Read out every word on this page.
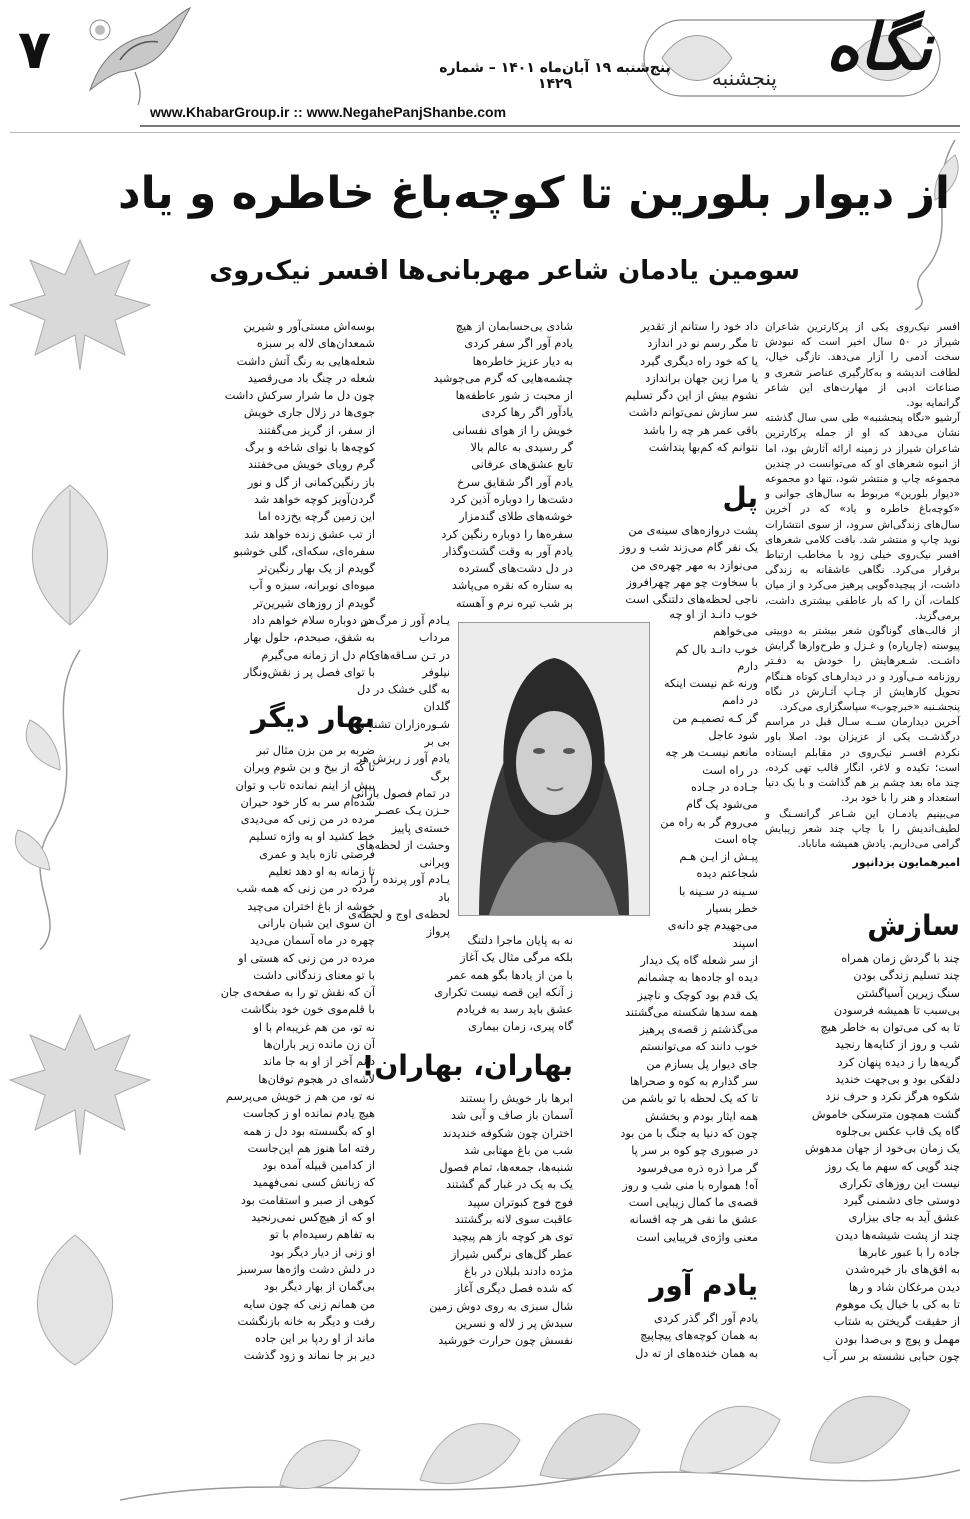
۷	نگاه
پنجشنبه
پنج‌شنبه ۱۹ آبان‌ماه ۱۴۰۱ – شماره ۱۴۲۹
www.KhabarGroup.ir :: www.NegahePanjShanbe.com
از دیوار بلورین تا کوچه‌باغ خاطره و یاد
سومین یادمان شاعر مهربانی‌ها افسر نیک‌روی

افسر نیک‌روی یکی از پرکارترین شاعران شیراز در ۵۰ سال اخیر است که نبودش سخت آدمی را آزار می‌دهد. تازگی خیال، لطافت اندیشه و به‌کارگیری عناصر شعری و صناعات ادبی از مهارت‌های این شاعر گرانمایه بود.

آرشیو «نگاه پنجشنبه» طی سی سال گذشته نشان می‌دهد که او از جمله پرکارترین شاعران شیراز در زمینه ارائه آثارش بود، اما از انبوه شعرهای او که می‌توانست در چندین مجموعه چاپ و منتشر شود، تنها دو مجموعه «دیوار بلورین» مربوط به سال‌های جوانی و «کوچه‌باغ خاطره و یاد» که در آخرین سال‌های زندگی‌اش سرود، از سوی انتشارات نوید چاپ و منتشر شد. بافت کلامی شعرهای افسر نیک‌روی خیلی زود با مخاطب ارتباط برقرار می‌کرد. نگاهی عاشقانه به زندگی داشت، از پیچیده‌گویی پرهیز می‌کرد و از میان کلمات، آن را که بار عاطفی بیشتری داشت، برمی‌گزید.

از قالب‌های گوناگون شعر بیشتر به دوبیتی پیوسته (چارپاره) و غـزل و طرح‌وارها گرایش داشـت. شـعرهایش را خودش به دفـتر روزنامه مـی‌آورد و در دیدارهـای کوتاه هـنگام تحویل کارهایش از چـاپ آثـارش در نگاه پنجشـنبه «خبرچوب» سپاسگزاری می‌کرد.

آخرین دیدارمان ســه سـال قبل در مراسم درگذشـت یکی از عزیزان بود. اصلا باور نکردم افسـر نیک‌روی در مقابلم ایستاده است؛ تکیده و لاغر، انگار قالب تهی کرده، چند ماه بعد چشم بر هم گذاشت و با یک دنیا استعداد و هنر را با خود برد.

می‌بینیم یادمـان این شـاعر گرانسـنگ و لطیف‌اندیش را با چاپ چند شعر زیبایش گرامی می‌داریم. یادش همیشه ماناباد.

امیرهمایون یزدانپور
سازش
چند با گردش زمان همراه
چند تسلیم زندگی بودن
سنگ زیرین آسیاگشتن
بی‌سبب تا همیشه فرسودن
تا به کی می‌توان به خاطر هیچ
شب و روز از کنایه‌ها رنجید
گریه‌ها را ز دیده پنهان کرد
دلقکی بود و بی‌جهت خندید
شکوه هرگز نکرد و حرف نزد
گشت همچون مترسکی خاموش
گاه یک قاب عکس بی‌جلوه
یک زمان بی‌خود از جهان مدهوش
چند گویی که سهم ما یک روز
نیست این روزهای تکراری
دوستی جای دشمنی گیرد
عشق آید به جای بیزاری
چند از پشت شیشه‌ها دیدن
جاده را با عبور عابرها
به افق‌های باز خیره‌شدن
دیدن مرغکان شاد و رها
تا به کی با خیال یک موهوم
از حقیقت گریختن به شتاب
مهمل و پوچ و بی‌صدا بودن
چون حبابی نشسته بر سر آب
داد خود را ستانم از تقدیر
تا مگر رسم نو در اندازد
یا که خود راه دیگری گیرد
یا مرا زین جهان براندازد
نشوم بیش از این دگر تسلیم
سر سازش نمی‌توانم داشت
باقی عمر هر چه را باشد
نتوانم که کم‌بها پنداشت
پل
پشت دروازه‌های سینه‌ی من
یک نفر گام می‌زند شب و روز
می‌نوازد به مهر چهره‌ی من
با سخاوت چو مهر چهرافروز
ناجی لحظه‌های دلتنگی است
خوب دانـد از او چه
می‌خواهم
خوب دانـد بال کم
دارم
ورنه غم نیست اینکه
در دامم
گر کـه تصمیـم من
شود عاجل
مانعم نیسـت هر چه
در راه است
جـاده در جـاده
می‌شود یک گام
می‌روم گر به راه من
چاه است
پیـش از ایـن هـم
شجاعتم دیده
سـینه در سـینه با
خطر بسیار
می‌جهیدم چو دانه‌ی
اسپند
از سر شعله گاه یک دیدار
دیده او جاده‌ها به چشمانم
یک قدم بود کوچک و ناچیز
همه سدها شکسته می‌گشتند
می‌گذشتم ز قصه‌ی پرهیز
خوب دانند که می‌توانستم
جای دیوار پل بسازم من
سر گذارم به کوه و صحراها
تا که یک لحظه با تو باشم من
همه ایثار بودم و بخشش
چون که دنیا به جنگ با من بود
در صبوری چو کوه بر سر پا
گر مرا ذره ذره می‌فرسود
آه! همواره با منی شب و روز
قصه‌ی ما کمال زیبایی است
عشق ما نفی هر چه افسانه
معنی واژه‌ی فریبایی است
یادم آور
یادم آور اگر گذر کردی
به همان کوچه‌های پیچاپیچ
به همان خنده‌های از ته دل
شادی بی‌حسابمان از هیچ
یادم آور اگر سفر کردی
به دیار عزیز خاطره‌ها
چشمه‌هایی که گرم می‌جوشید
از محبت ز شور عاطفه‌ها
یادآور اگر رها کردی
خویش را از هوای نفسانی
گر رسیدی به عالم بالا
تابع عشق‌های عرفانی
یادم آور اگر شقایق سرخ
دشت‌ها را دوباره آذین کرد
خوشه‌های طلای گندمزار
سفره‌ها را دوباره رنگین کرد
یادم آور به وقت گشت‌وگذار
در دل دشت‌های گسترده
به ستاره که نقره می‌پاشد
بر شب تیره نرم و آهسته
یـادم آور ز مرگ در
مرداب
در تـن سـاقه‌های
نیلوفر
به گلی خشک در دل
گلدان
شـوره‌زاران تشنه و
بی بر
یادم آور ز ریزش هر
برگ
در تمام فصول بارانی
حـزن یـک عصـر
خسته‌ی پاییز
وحشت از لحظه‌های
ویرانی
یـادم آور پرنده را در
باد
لحظه‌ی اوج و لحظه‌ی
پرواز
نه به پایان ماجرا دلتنگ
بلکه مرگی مثال یک آغاز
با من از یادها بگو همه عمر
ز آنکه این قصه نیست تکراری
عشق باید رسد به فریادم
گاه پیری، زمان بیماری
بهاران، بهاران!
ابرها بار خویش را بستند
آسمان باز صاف و آبی شد
اختران چون شکوفه خندیدند
شب من باغ مهتابی شد
شنبه‌ها، جمعه‌ها، تمام فصول
یک به یک در غبار گم گشتند
فوج فوج کبوتران سپید
عاقبت سوی لانه برگشتند
توی هر کوچه باز هم پیچید
عطر گل‌های نرگس شیراز
مژده دادند بلبلان در باغ
که شده فصل دیگری آغاز
شال سبزی به روی دوش زمین
سبدش پر ز لاله و نسرین
نفسش چون حرارت خورشید
بوسه‌اش مستی‌آور و شیرین
شمعدان‌های لاله بر سبزه
شعله‌هایی به رنگ آتش داشت
شعله در چنگ باد می‌رقصید
چون دل ما شرار سرکش داشت
جوی‌ها در زلال جاری خویش
از سفر، از گریز می‌گفتند
کوچه‌ها با نوای شاخه و برگ
گرم رویای خویش می‌خفتند
باز رنگین‌کمانی از گل و نور
گردن‌آویز کوچه خواهد شد
این زمین گرچه یخ‌زده اما
از تب عشق زنده خواهد شد
سفره‌ای، سکه‌ای، گلی خوشبو
گویدم از یک بهار رنگین‌تر
میوه‌ای نوبرانه، سبزه و آب
گویدم از روزهای شیرین‌تر
من دوباره سلام خواهم داد
به شفق، صبحدم، حلول بهار
کام دل از زمانه می‌گیرم
با توای فصل پر ز نقش‌ونگار
بهار دیگر
ضربه بر من بزن مثال تبر
تا که از بیخ و بن شوم ویران
بیش از اینم نمانده تاب و توان
شده‌ام سر به کار خود حیران
مرده در من زنی که می‌دیدی
خط کشید او به واژه تسلیم
فرصتی تازه باید و عمری
تا زمانه به او دهد تعلیم
مرده در من زنی که همه شب
خوشه از باغ اختران می‌چید
آن سوی این شبان بارانی
چهره در ماه آسمان می‌دید
مرده در من زنی که هستی او
با تو معنای زندگانی داشت
آن که نقش تو را به صفحه‌ی جان
با قلم‌موی خون خود بنگاشت
نه تو، من هم غریبه‌ام با او
آن زن مانده زیر باران‌ها
دانم آخر از او به جا ماند
لاشه‌ای در هجوم توفان‌ها
نه تو، من هم ز خویش می‌پرسم
هیچ یادم نمانده او ز کجاست
او که بگسسته بود دل ز همه
رفته اما هنوز هم این‌جاست
از کدامین قبیله آمده بود
که زبانش کسی نمی‌فهمید
کوهی از صبر و استقامت بود
او که از هیچ‌کس نمی‌رنجید
به تفاهم رسیده‌ام با تو
او زنی از دیار دیگر بود
در دلش دشت واژه‌ها سرسبز
بی‌گمان از بهار دیگر بود
من همانم زنی که چون سایه
رفت و دیگر به خانه بازنگشت
ماند از او ردپا بر این جاده
دیر بر جا نماند و زود گذشت
